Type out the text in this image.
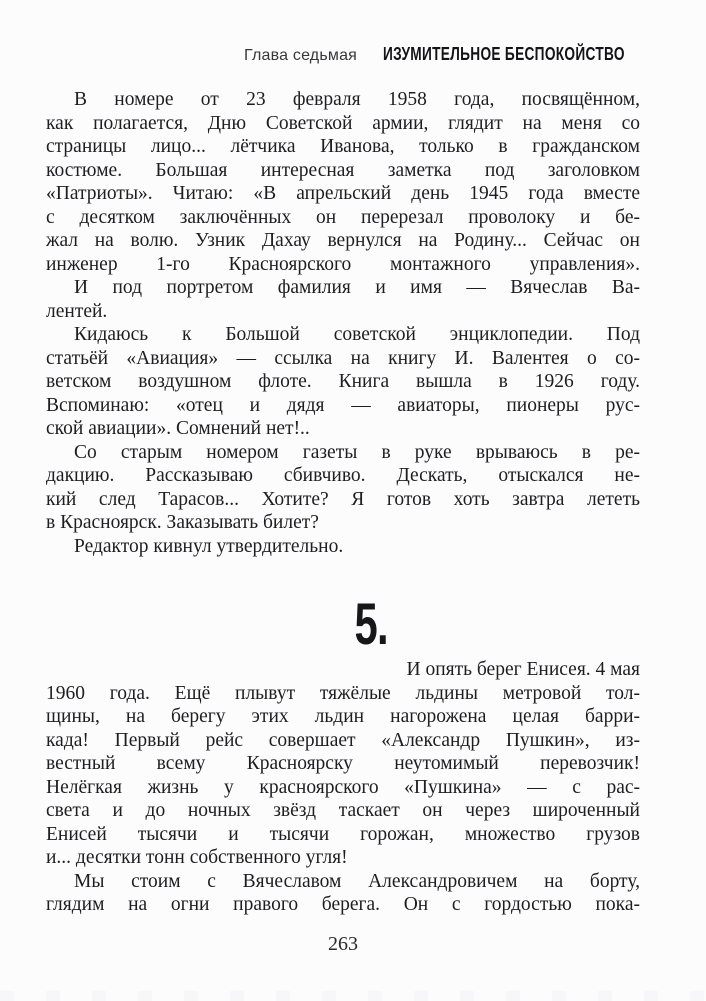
Глава седьмая ИЗУМИТЕЛЬНОЕ БЕСПОКОЙСТВО
В номере от 23 февраля 1958 года, посвящённом,
как полагается, Дню Советской армии, глядит на меня со
страницы лицо... лётчика Иванова, только в гражданском
костюме. Большая интересная заметка под заголовком
«Патриоты». Читаю: «В апрельский день 1945 года вместе
с десятком заключённых он перерезал проволоку и бе-
жал на волю. Узник Дахау вернулся на Родину... Сейчас он
инженер 1-го Красноярского монтажного управления».
И под портретом фамилия и имя — Вячеслав Ва-
лентей.
Кидаюсь к Большой советской энциклопедии. Под
статьёй «Авиация» — ссылка на книгу И. Валентея о со-
ветском воздушном флоте. Книга вышла в 1926 году.
Вспоминаю: «отец и дядя — авиаторы, пионеры рус-
ской авиации». Сомнений нет!..
Со старым номером газеты в руке врываюсь в ре-
дакцию. Рассказываю сбивчиво. Дескать, отыскался не-
кий след Тарасов... Хотите? Я готов хоть завтра лететь
в Красноярск. Заказывать билет?
Редактор кивнул утвердительно.
5.
И опять берег Енисея. 4 мая
1960 года. Ещё плывут тяжёлые льдины метровой тол-
щины, на берегу этих льдин нагорожена целая барри-
када! Первый рейс совершает «Александр Пушкин», из-
вестный всему Красноярску неутомимый перевозчик!
Нелёгкая жизнь у красноярского «Пушкина» — с рас-
света и до ночных звёзд таскает он через широченный
Енисей тысячи и тысячи горожан, множество грузов
и... десятки тонн собственного угля!
Мы стоим с Вячеславом Александровичем на борту,
глядим на огни правого берега. Он с гордостью пока-
263
